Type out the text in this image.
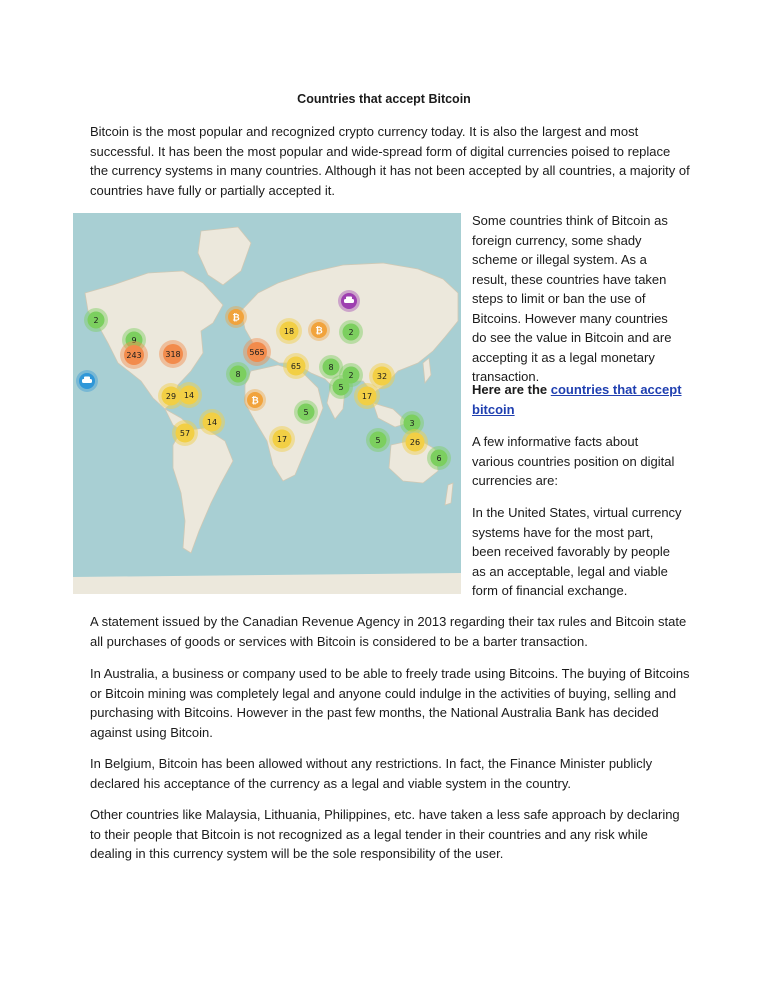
Countries that accept Bitcoin

Bitcoin is the most popular and recognized crypto currency today. It is also the largest and most successful. It has been the most popular and wide-spread form of digital currencies poised to replace the currency systems in many countries. Although it has not been accepted by all countries, a majority of countries have fully or partially accepted it.

2
9
243	318	565
18	2
8
65	8
2
5
32
17
29 14
14
57
5
17
3
5	26
6
₿
₿
₿

Some countries think of Bitcoin as foreign currency, some shady scheme or illegal system. As a result, these countries have taken steps to limit or ban the use of Bitcoins. However many countries do see the value in Bitcoin and are accepting it as a legal monetary transaction.

Here are the countries that accept bitcoin

A few informative facts about various countries position on digital currencies are:

In the United States, virtual currency systems have for the most part, been received favorably by people as an acceptable, legal and viable form of financial exchange.

A statement issued by the Canadian Revenue Agency in 2013 regarding their tax rules and Bitcoin state all purchases of goods or services with Bitcoin is considered to be a barter transaction.

In Australia, a business or company used to be able to freely trade using Bitcoins. The buying of Bitcoins or Bitcoin mining was completely legal and anyone could indulge in the activities of buying, selling and purchasing with Bitcoins. However in the past few months, the National Australia Bank has decided against using Bitcoin.

In Belgium, Bitcoin has been allowed without any restrictions. In fact, the Finance Minister publicly declared his acceptance of the currency as a legal and viable system in the country.

Other countries like Malaysia, Lithuania, Philippines, etc. have taken a less safe approach by declaring to their people that Bitcoin is not recognized as a legal tender in their countries and any risk while dealing in this currency system will be the sole responsibility of the user.
